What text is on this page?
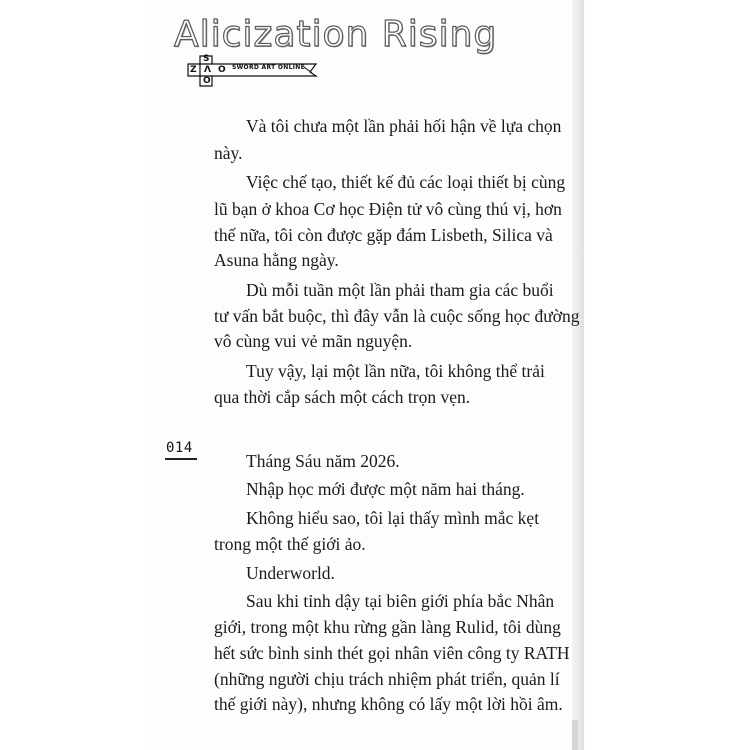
Alicization Rising
S
Λ O
Z
O
SWORD ART ONLINE
014
Và tôi chưa một lần phải hối hận về lựa chọn
này.
Việc chế tạo, thiết kế đủ các loại thiết bị cùng
lũ bạn ở khoa Cơ học Điện tử vô cùng thú vị, hơn
thế nữa, tôi còn được gặp đám Lisbeth, Silica và
Asuna hằng ngày.
Dù mỗi tuần một lần phải tham gia các buổi
tư vấn bắt buộc, thì đây vẫn là cuộc sống học đường
vô cùng vui vẻ mãn nguyện.
Tuy vậy, lại một lần nữa, tôi không thể trải
qua thời cắp sách một cách trọn vẹn.
Tháng Sáu năm 2026.
Nhập học mới được một năm hai tháng.
Không hiểu sao, tôi lại thấy mình mắc kẹt
trong một thế giới ảo.
Underworld.
Sau khi tỉnh dậy tại biên giới phía bắc Nhân
giới, trong một khu rừng gần làng Rulid, tôi dùng
hết sức bình sinh thét gọi nhân viên công ty RATH
(những người chịu trách nhiệm phát triển, quản lí
thế giới này), nhưng không có lấy một lời hồi âm.
